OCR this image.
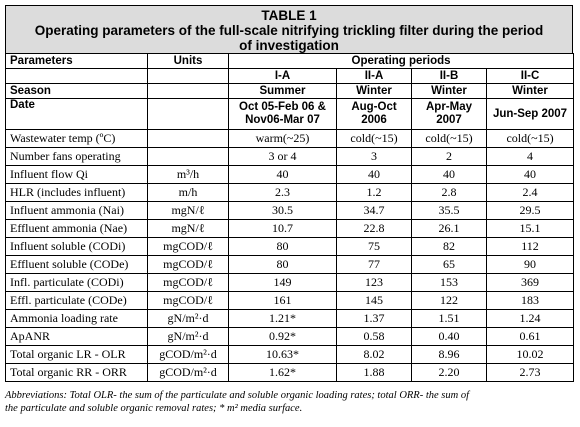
TABLE 1
Operating parameters of the full-scale nitrifying trickling filter during the period
of investigation
Parameters	Units	Operating periods			
		I-A	II-A	II-B	II-C
Season		Summer	Winter	Winter	Winter
Date		Oct 05-Feb 06 & Nov06-Mar 07	Aug-Oct 2006	Apr-May 2007	Jun-Sep 2007
Wastewater temp (ºC)		warm(~25)	cold(~15)	cold(~15)	cold(~15)
Number fans operating		3 or 4	3	2	4
Influent flow Qi	m³/h	40	40	40	40
HLR (includes influent)	m/h	2.3	1.2	2.8	2.4
Influent ammonia (Nai)	mgN/ℓ	30.5	34.7	35.5	29.5
Effluent ammonia (Nae)	mgN/ℓ	10.7	22.8	26.1	15.1
Influent soluble (CODi)	mgCOD/ℓ	80	75	82	112
Effluent soluble (CODe)	mgCOD/ℓ	80	77	65	90
Infl. particulate (CODi)	mgCOD/ℓ	149	123	153	369
Effl. particulate (CODe)	mgCOD/ℓ	161	145	122	183
Ammonia loading rate	gN/m²·d	1.21*	1.37	1.51	1.24
ApANR	gN/m²·d	0.92*	0.58	0.40	0.61
Total organic LR - OLR	gCOD/m²·d	10.63*	8.02	8.96	10.02
Total organic RR - ORR	gCOD/m²·d	1.62*	1.88	2.20	2.73
Abbreviations: Total OLR- the sum of the particulate and soluble organic loading rates; total ORR- the sum of
the particulate and soluble organic removal rates; * m² media surface.
